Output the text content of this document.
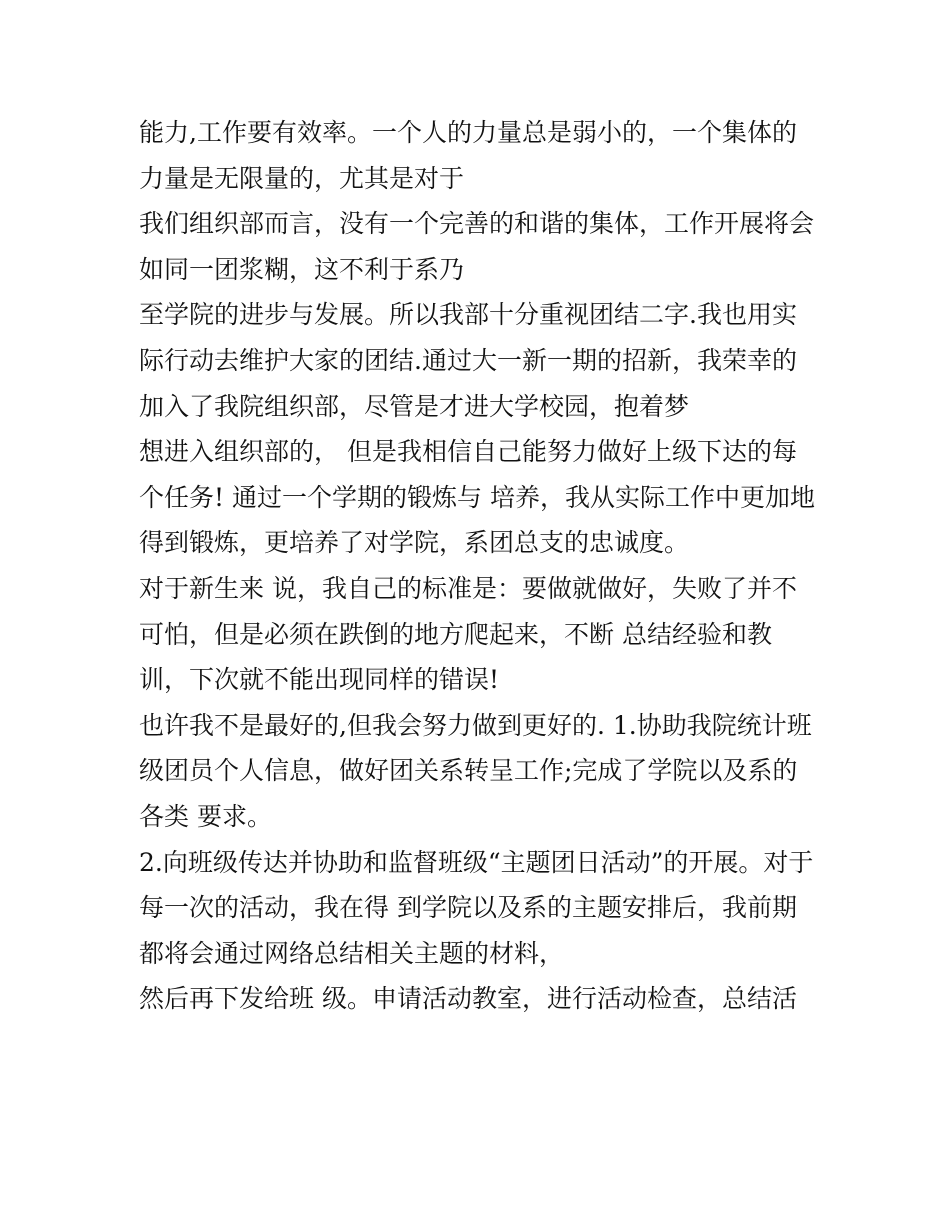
能力,工作要有效率。一个人的力量总是弱小的，一个集体的
力量是无限量的，尤其是对于
我们组织部而言，没有一个完善的和谐的集体，工作开展将会
如同一团浆糊，这不利于系乃
至学院的进步与发展。所以我部十分重视团结二字.我也用实
际行动去维护大家的团结.通过大一新一期的招新，我荣幸的
加入了我院组织部，尽管是才进大学校园，抱着梦
想进入组织部的， 但是我相信自己能努力做好上级下达的每
个任务! 通过一个学期的锻炼与 培养，我从实际工作中更加地
得到锻炼，更培养了对学院，系团总支的忠诚度。
对于新生来 说，我自己的标准是：要做就做好，失败了并不
可怕，但是必须在跌倒的地方爬起来，不断 总结经验和教
训，下次就不能出现同样的错误!
也许我不是最好的,但我会努力做到更好的. 1.协助我院统计班
级团员个人信息，做好团关系转呈工作;完成了学院以及系的
各类 要求。
2.向班级传达并协助和监督班级“主题团日活动”的开展。对于
每一次的活动，我在得 到学院以及系的主题安排后，我前期
都将会通过网络总结相关主题的材料，
然后再下发给班 级。申请活动教室，进行活动检查，总结活
